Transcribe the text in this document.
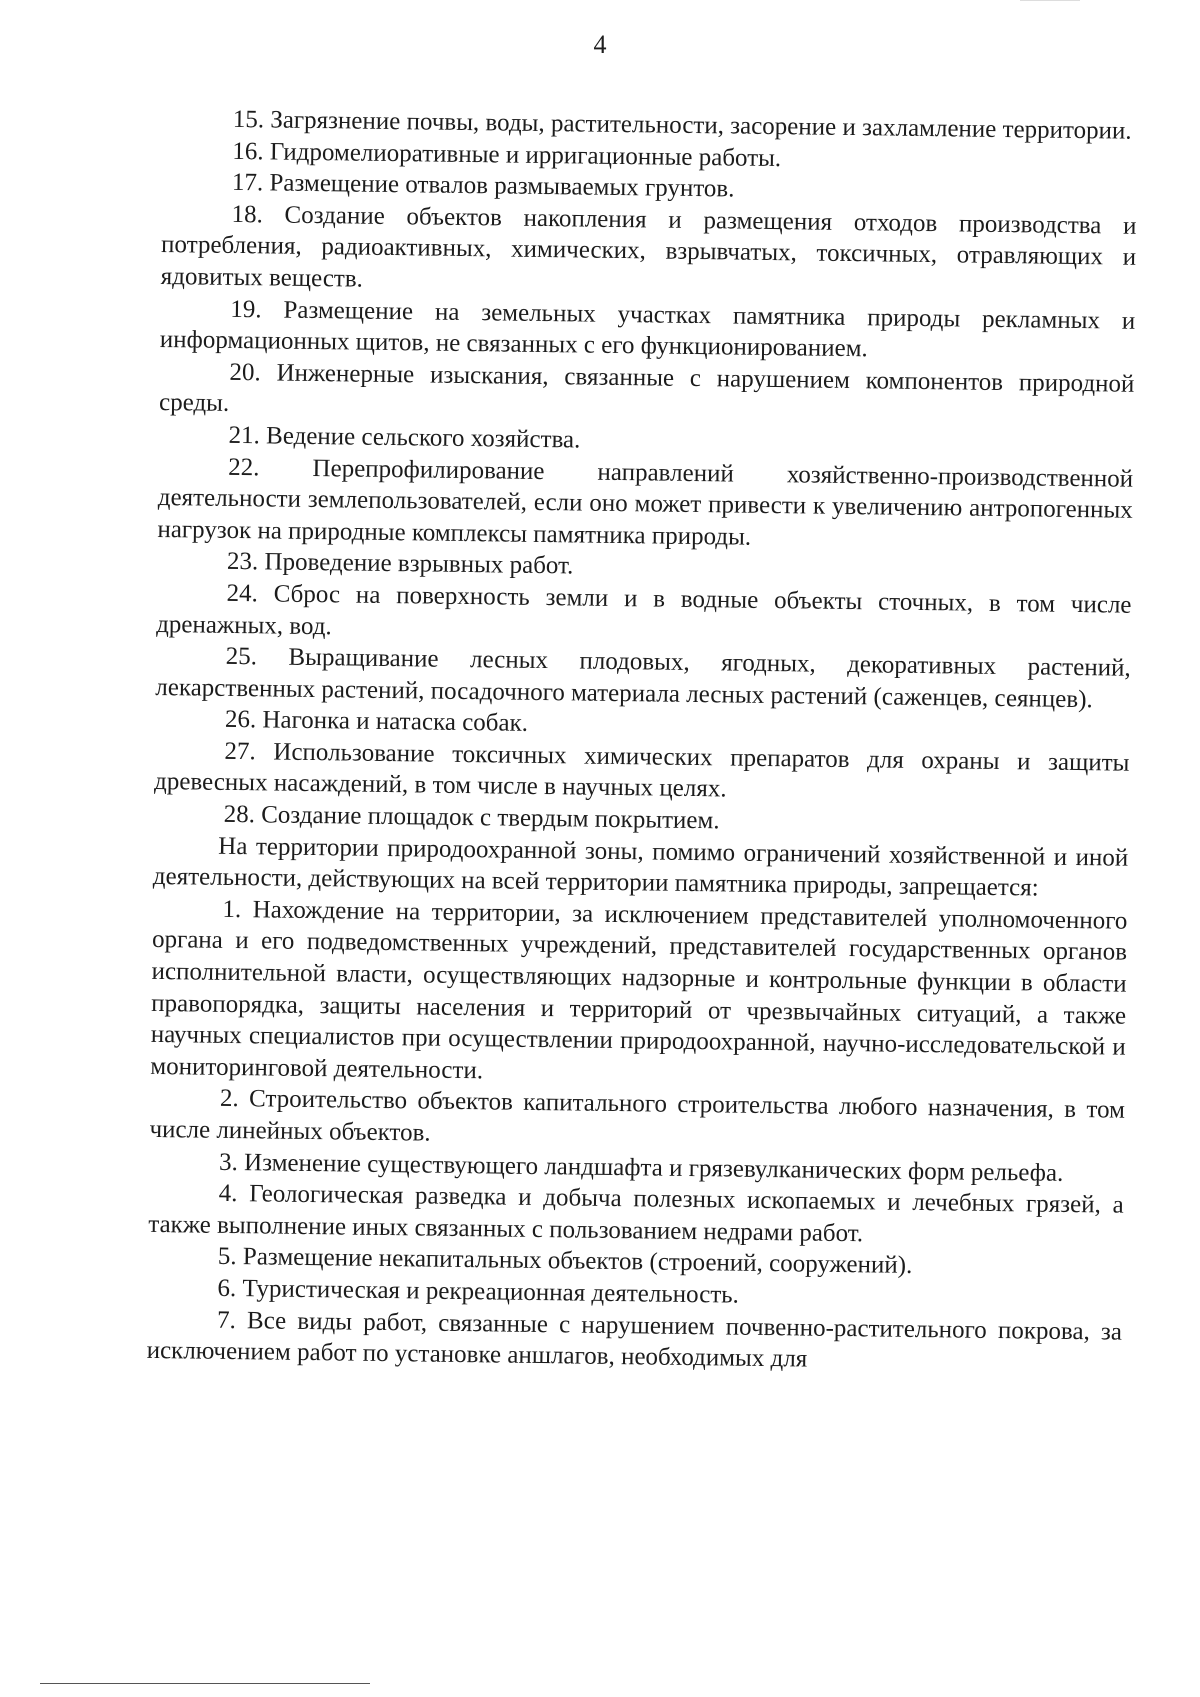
4

15. Загрязнение почвы, воды, растительности, засорение и захламление территории.

16. Гидромелиоративные и ирригационные работы.

17. Размещение отвалов размываемых грунтов.

18. Создание объектов накопления и размещения отходов производства и потребления, радиоактивных, химических, взрывчатых, токсичных, отравляющих и ядовитых веществ.

19. Размещение на земельных участках памятника природы рекламных и информационных щитов, не связанных с его функционированием.

20. Инженерные изыскания, связанные с нарушением компонентов природной среды.

21. Ведение сельского хозяйства.

22. Перепрофилирование направлений хозяйственно-производственной деятельности землепользователей, если оно может привести к увеличению антропогенных нагрузок на природные комплексы памятника природы.

23. Проведение взрывных работ.

24. Сброс на поверхность земли и в водные объекты сточных, в том числе дренажных, вод.

25. Выращивание лесных плодовых, ягодных, декоративных растений, лекарственных растений, посадочного материала лесных растений (саженцев, сеянцев).

26. Нагонка и натаска собак.

27. Использование токсичных химических препаратов для охраны и защиты древесных насаждений, в том числе в научных целях.

28. Создание площадок с твердым покрытием.

На территории природоохранной зоны, помимо ограничений хозяйственной и иной деятельности, действующих на всей территории памятника природы, запрещается:

1. Нахождение на территории, за исключением представителей уполномоченного органа и его подведомственных учреждений, представителей государственных органов исполнительной власти, осуществляющих надзорные и контрольные функции в области правопорядка, защиты населения и территорий от чрезвычайных ситуаций, а также научных специалистов при осуществлении природоохранной, научно-исследовательской и мониторинговой деятельности.

2. Строительство объектов капитального строительства любого назначения, в том числе линейных объектов.

3. Изменение существующего ландшафта и грязевулканических форм рельефа.

4. Геологическая разведка и добыча полезных ископаемых и лечебных грязей, а также выполнение иных связанных с пользованием недрами работ.

5. Размещение некапитальных объектов (строений, сооружений).

6. Туристическая и рекреационная деятельность.

7. Все виды работ, связанные с нарушением почвенно-растительного покрова, за исключением работ по установке аншлагов, необходимых для
